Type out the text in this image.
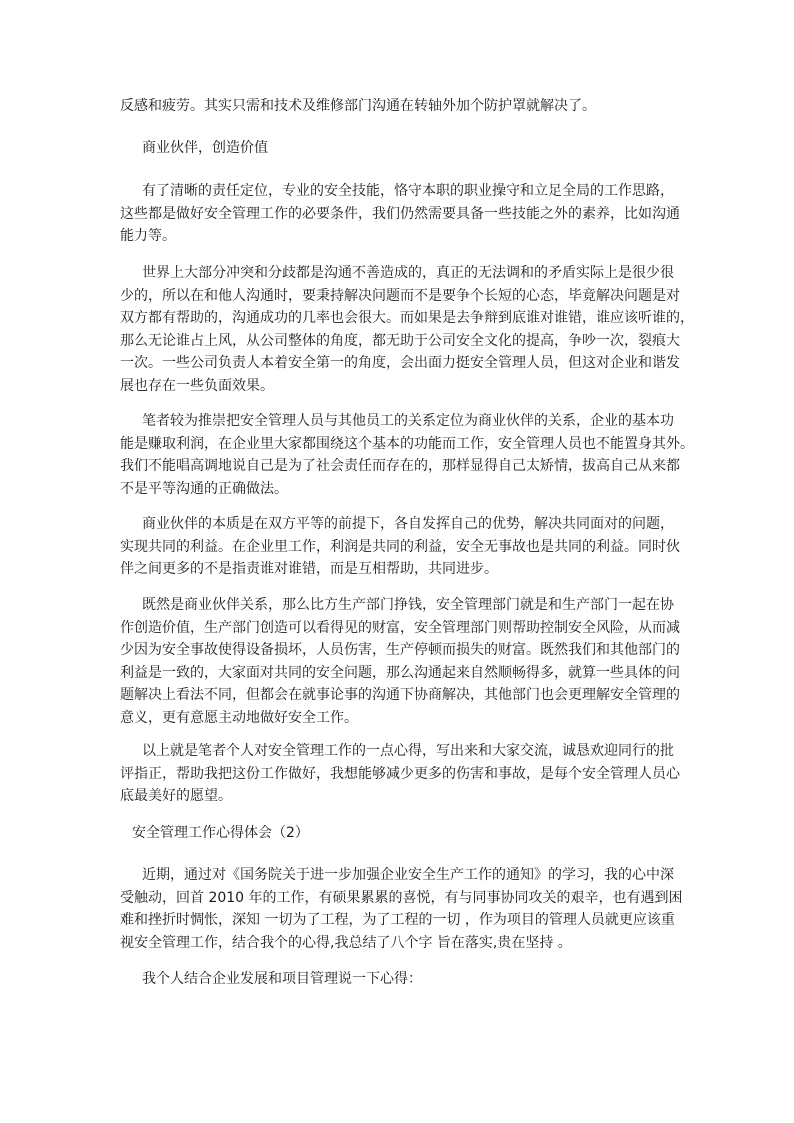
反感和疲劳。其实只需和技术及维修部门沟通在转轴外加个防护罩就解决了。
商业伙伴，创造价值
有了清晰的责任定位，专业的安全技能，恪守本职的职业操守和立足全局的工作思路，
这些都是做好安全管理工作的必要条件，我们仍然需要具备一些技能之外的素养，比如沟通
能力等。
世界上大部分冲突和分歧都是沟通不善造成的，真正的无法调和的矛盾实际上是很少很
少的，所以在和他人沟通时，要秉持解决问题而不是要争个长短的心态，毕竟解决问题是对
双方都有帮助的，沟通成功的几率也会很大。而如果是去争辩到底谁对谁错，谁应该听谁的，
那么无论谁占上风，从公司整体的角度，都无助于公司安全文化的提高，争吵一次，裂痕大
一次。一些公司负责人本着安全第一的角度，会出面力挺安全管理人员，但这对企业和谐发
展也存在一些负面效果。
笔者较为推崇把安全管理人员与其他员工的关系定位为商业伙伴的关系，企业的基本功
能是赚取利润，在企业里大家都围绕这个基本的功能而工作，安全管理人员也不能置身其外。
我们不能唱高调地说自己是为了社会责任而存在的，那样显得自己太矫情，拔高自己从来都
不是平等沟通的正确做法。
商业伙伴的本质是在双方平等的前提下，各自发挥自己的优势，解决共同面对的问题，
实现共同的利益。在企业里工作，利润是共同的利益，安全无事故也是共同的利益。同时伙
伴之间更多的不是指责谁对谁错，而是互相帮助，共同进步。
既然是商业伙伴关系，那么比方生产部门挣钱，安全管理部门就是和生产部门一起在协
作创造价值，生产部门创造可以看得见的财富，安全管理部门则帮助控制安全风险，从而减
少因为安全事故使得设备损坏，人员伤害，生产停顿而损失的财富。既然我们和其他部门的
利益是一致的，大家面对共同的安全问题，那么沟通起来自然顺畅得多，就算一些具体的问
题解决上看法不同，但都会在就事论事的沟通下协商解决，其他部门也会更理解安全管理的
意义，更有意愿主动地做好安全工作。
以上就是笔者个人对安全管理工作的一点心得，写出来和大家交流，诚恳欢迎同行的批
评指正，帮助我把这份工作做好，我想能够减少更多的伤害和事故，是每个安全管理人员心
底最美好的愿望。
安全管理工作心得体会（2）
近期，通过对《国务院关于进一步加强企业安全生产工作的通知》的学习，我的心中深
受触动，回首 2010 年的工作，有硕果累累的喜悦，有与同事协同攻关的艰辛，也有遇到困
难和挫折时惆怅，深知 一切为了工程，为了工程的一切 ，作为项目的管理人员就更应该重
视安全管理工作，结合我个的心得,我总结了八个字 旨在落实,贵在坚持 。
我个人结合企业发展和项目管理说一下心得：
